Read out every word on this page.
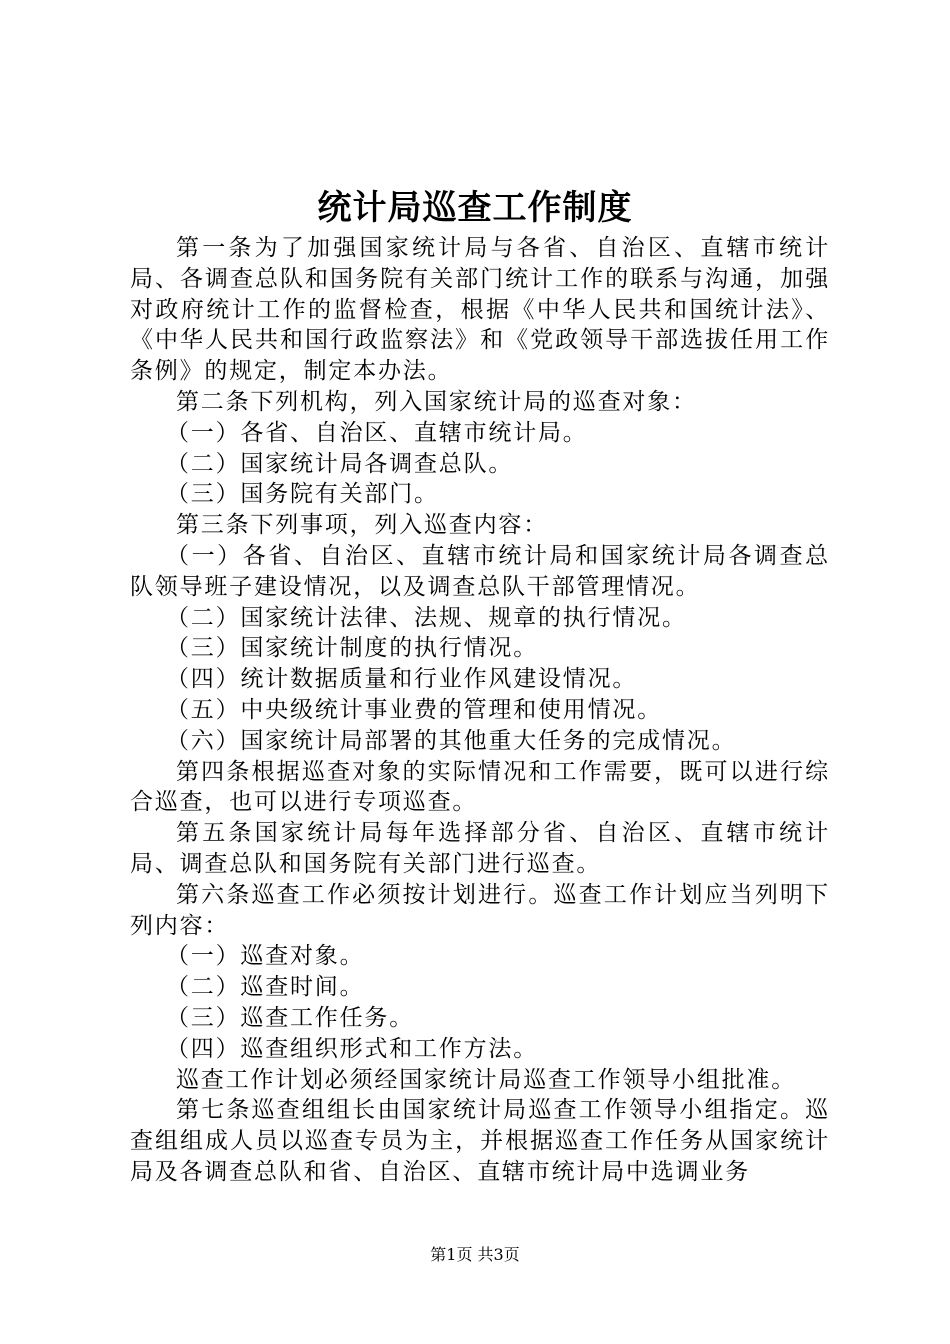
统计局巡查工作制度

第一条为了加强国家统计局与各省、自治区、直辖市统计局、各调查总队和国务院有关部门统计工作的联系与沟通，加强对政府统计工作的监督检查，根据《中华人民共和国统计法》、《中华人民共和国行政监察法》和《党政领导干部选拔任用工作条例》的规定，制定本办法。

第二条下列机构，列入国家统计局的巡查对象：

（一）各省、自治区、直辖市统计局。

（二）国家统计局各调查总队。

（三）国务院有关部门。

第三条下列事项，列入巡查内容：

（一）各省、自治区、直辖市统计局和国家统计局各调查总队领导班子建设情况，以及调查总队干部管理情况。

（二）国家统计法律、法规、规章的执行情况。

（三）国家统计制度的执行情况。

（四）统计数据质量和行业作风建设情况。

（五）中央级统计事业费的管理和使用情况。

（六）国家统计局部署的其他重大任务的完成情况。

第四条根据巡查对象的实际情况和工作需要，既可以进行综合巡查，也可以进行专项巡查。

第五条国家统计局每年选择部分省、自治区、直辖市统计局、调查总队和国务院有关部门进行巡查。

第六条巡查工作必须按计划进行。巡查工作计划应当列明下列内容：

（一）巡查对象。

（二）巡查时间。

（三）巡查工作任务。

（四）巡查组织形式和工作方法。

巡查工作计划必须经国家统计局巡查工作领导小组批准。

第七条巡查组组长由国家统计局巡查工作领导小组指定。巡查组组成人员以巡查专员为主，并根据巡查工作任务从国家统计局及各调查总队和省、自治区、直辖市统计局中选调业务

第1页 共3页
